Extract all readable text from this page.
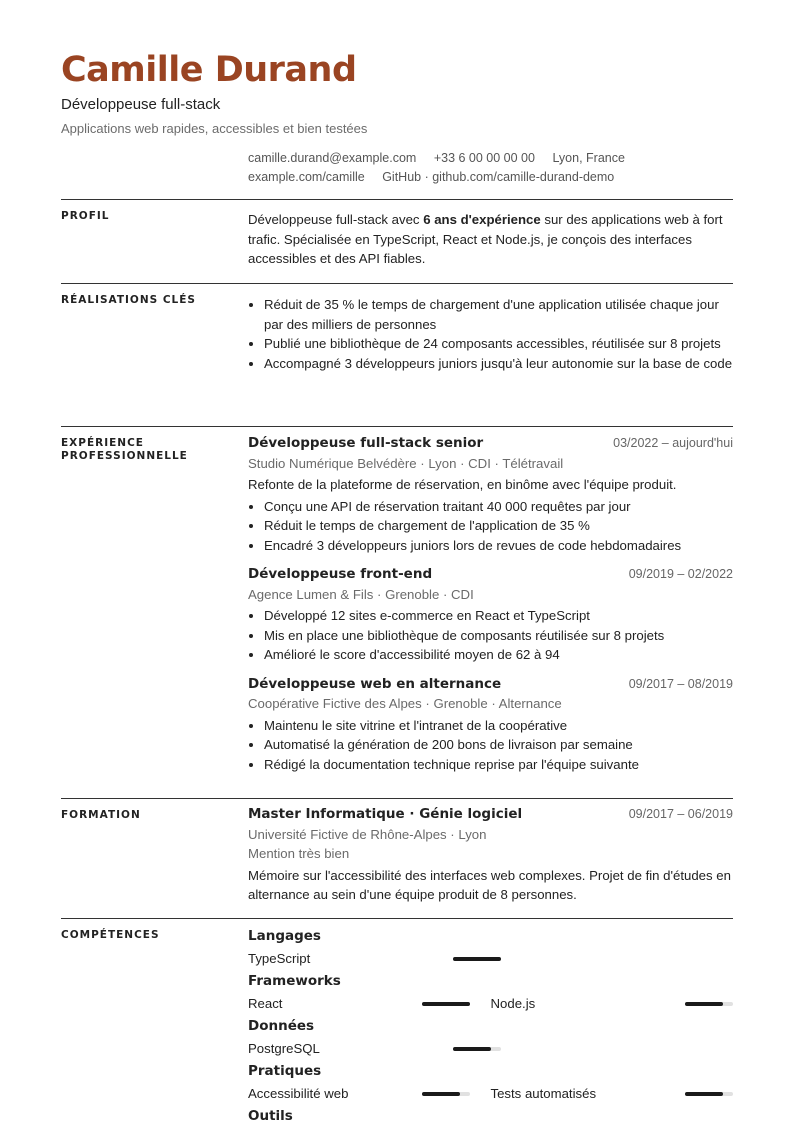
Camille Durand
Développeuse full-stack
Applications web rapides, accessibles et bien testées
camille.durand@example.com +33 6 00 00 00 00 Lyon, France
example.com/camille GitHub · github.com/camille-durand-demo
PROFIL	Développeuse full-stack avec 6 ans d'expérience sur des applications web à fort trafic. Spécialisée en TypeScript, React et Node.js, je conçois des interfaces accessibles et des API fiables.
RÉALISATIONS CLÉS
•	Réduit de 35 % le temps de chargement d'une application utilisée chaque jour par des milliers de personnes
• Publié une bibliothèque de 24 composants accessibles, réutilisée sur 8 projets
• Accompagné 3 développeurs juniors jusqu'à leur autonomie sur la base de code
EXPÉRIENCE PROFESSIONNELLE
Développeuse full-stack senior	03/2022 – aujourd'hui
Studio Numérique Belvédère · Lyon · CDI · Télétravail
Refonte de la plateforme de réservation, en binôme avec l'équipe produit.
• Conçu une API de réservation traitant 40 000 requêtes par jour
• Réduit le temps de chargement de l'application de 35 %
• Encadré 3 développeurs juniors lors de revues de code hebdomadaires
Développeuse front-end	09/2019 – 02/2022
Agence Lumen & Fils · Grenoble · CDI
• Développé 12 sites e-commerce en React et TypeScript
• Mis en place une bibliothèque de composants réutilisée sur 8 projets
• Amélioré le score d'accessibilité moyen de 62 à 94
Développeuse web en alternance	09/2017 – 08/2019
Coopérative Fictive des Alpes · Grenoble · Alternance
• Maintenu le site vitrine et l'intranet de la coopérative
• Automatisé la génération de 200 bons de livraison par semaine
• Rédigé la documentation technique reprise par l'équipe suivante
FORMATION	Master Informatique · Génie logiciel	09/2017 – 06/2019
Université Fictive de Rhône-Alpes · Lyon
Mention très bien
Mémoire sur l'accessibilité des interfaces web complexes. Projet de fin d'études en alternance au sein d'une équipe produit de 8 personnes.
COMPÉTENCES	Langages
TypeScript
Frameworks
React	Node.js
Données
PostgreSQL
Pratiques
Accessibilité web	Tests automatisés
Outils
